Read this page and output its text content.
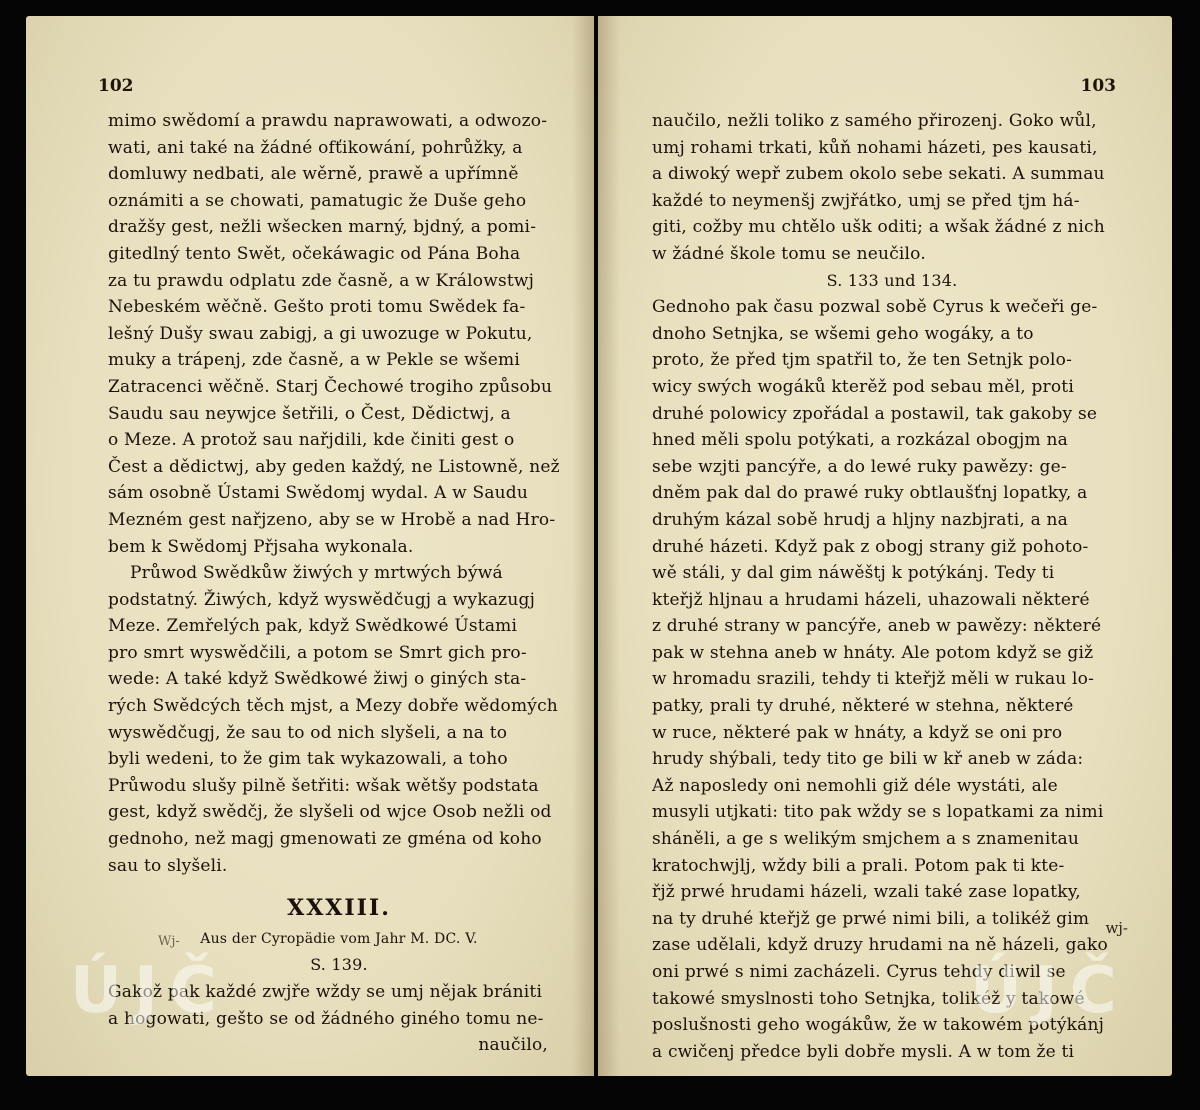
102
mimo swědomí a prawdu naprawowati, a odwozo-
wati, ani také na žádné ofťikowání, pohrůžky, a
domluwy nedbati, ale wěrně, prawě a upřímně
oznámiti a se chowati, pamatugic že Duše geho
dražšy gest, nežli wšecken marný, bjdný, a pomi-
gitedlný tento Swět, očekáwagic od Pána Boha
za tu prawdu odplatu zde časně, a w Králowstwj
Nebeském wěčně. Gešto proti tomu Swědek fa-
lešný Dušy swau zabigj, a gi uwozuge w Pokutu,
muky a trápenj, zde časně, a w Pekle se wšemi
Zatracenci wěčně. Starj Čechowé trogiho způsobu
Saudu sau neywjce šetřili, o Čest, Dědictwj, a
o Meze. A protož sau nařjdili, kde činiti gest o
Čest a dědictwj, aby geden každý, ne Listowně, než
sám osobně Ústami Swědomj wydal. A w Saudu
Mezném gest nařjzeno, aby se w Hrobě a nad Hro-
bem k Swědomj Přjsaha wykonala.
Průwod Swědkůw žiwých y mrtwých býwá
podstatný. Žiwých, když wyswědčugj a wykazugj
Meze. Zemřelých pak, když Swědkowé Ústami
pro smrt wyswědčili, a potom se Smrt gich pro-
wede: A také když Swědkowé žiwj o giných sta-
rých Swědcých těch mjst, a Mezy dobře wědomých
wyswědčugj, že sau to od nich slyšeli, a na to
byli wedeni, to že gim tak wykazowali, a toho
Průwodu slušy pilně šetřiti: wšak wětšy podstata
gest, když swědčj, že slyšeli od wjce Osob nežli od
gednoho, než magj gmenowati ze gména od koho
sau to slyšeli.
XXXIII.
Aus der Cyropädie vom Jahr M. DC. V.
S. 139.
Gakož pak každé zwjře wždy se umj nějak brániti
a hogowati, gešto se od žádného giného tomu ne-
naučilo,
Wj-
ÚJČ
103
naučilo, nežli toliko z samého přirozenj. Goko wůl,
umj rohami trkati, kůň nohami házeti, pes kausati,
a diwoký wepř zubem okolo sebe sekati. A summau
každé to neymenšj zwjřátko, umj se před tjm há-
giti, cožby mu chtělo ušk oditi; a wšak žádné z nich
w žádné škole tomu se neučilo.
S. 133 und 134.
Gednoho pak času pozwal sobě Cyrus k wečeři ge-
dnoho Setnjka, se wšemi geho wogáky, a to
proto, že před tjm spatřil to, že ten Setnjk polo-
wicy swých wogáků kterěž pod sebau měl, proti
druhé polowicy zpořádal a postawil, tak gakoby se
hned měli spolu potýkati, a rozkázal obogjm na
sebe wzjti pancýře, a do lewé ruky pawězy: ge-
dněm pak dal do prawé ruky obtlaušťnj lopatky, a
druhým kázal sobě hrudj a hljny nazbjrati, a na
druhé házeti. Když pak z obogj strany giž pohoto-
wě stáli, y dal gim náwěštj k potýkánj. Tedy ti
kteřjž hljnau a hrudami házeli, uhazowali některé
z druhé strany w pancýře, aneb w pawězy: některé
pak w stehna aneb w hnáty. Ale potom když se giž
w hromadu srazili, tehdy ti kteřjž měli w rukau lo-
patky, prali ty druhé, některé w stehna, některé
w ruce, některé pak w hnáty, a když se oni pro
hrudy shýbali, tedy tito ge bili w kř aneb w záda:
Až naposledy oni nemohli giž déle wystáti, ale
musyli utjkati: tito pak wždy se s lopatkami za nimi
sháněli, a ge s welikým smjchem a s znamenitau
kratochwjlj, wždy bili a prali. Potom pak ti kte-
řjž prwé hrudami házeli, wzali také zase lopatky,
na ty druhé kteřjž ge prwé nimi bili, a tolikéž gim
zase udělali, když druzy hrudami na ně házeli, gako
oni prwé s nimi zacházeli. Cyrus tehdy diwil se
takowé smyslnosti toho Setnjka, tolikéž y takowé
poslušnosti geho wogákůw, že w takowém potýkánj
a cwičenj předce byli dobře mysli. A w tom že ti
wj-
ÚJČ
